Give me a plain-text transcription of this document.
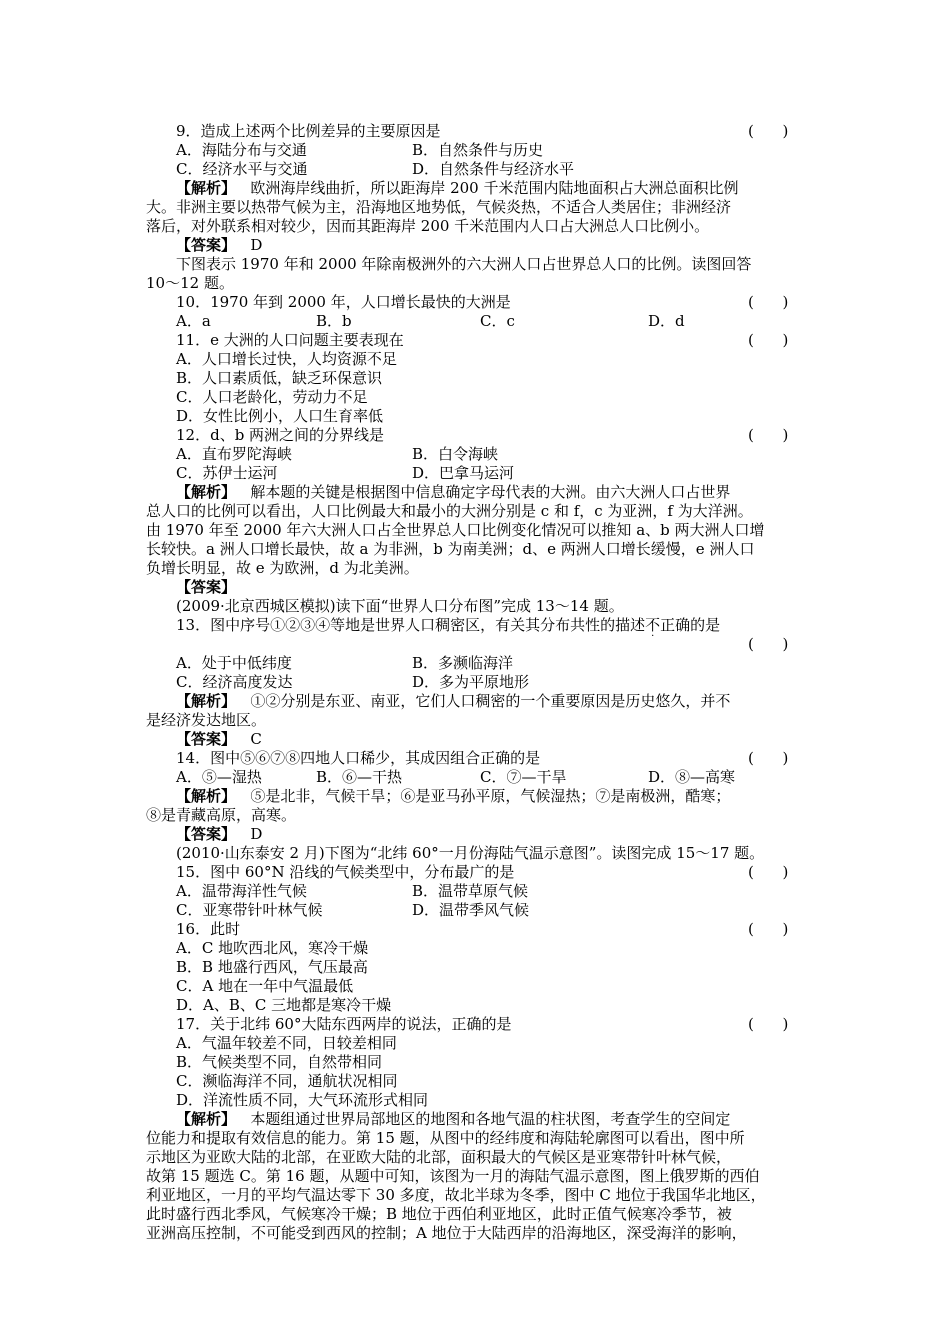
9．造成上述两个比例差异的主要原因是	(      )
A．海陆分布与交通	B．自然条件与历史
C．经济水平与交通	D．自然条件与经济水平
【解析】 欧洲海岸线曲折，所以距海岸 200 千米范围内陆地面积占大洲总面积比例
大。非洲主要以热带气候为主，沿海地区地势低，气候炎热，不适合人类居住；非洲经济
落后，对外联系相对较少，因而其距海岸 200 千米范围内人口占大洲总人口比例小。
【答案】 D
下图表示 1970 年和 2000 年除南极洲外的六大洲人口占世界总人口的比例。读图回答
10～12 题。
10．1970 年到 2000 年，人口增长最快的大洲是	(      )
A．a	B．b	C．c	D．d
11．e 大洲的人口问题主要表现在	(      )
A．人口增长过快，人均资源不足
B．人口素质低，缺乏环保意识
C．人口老龄化，劳动力不足
D．女性比例小，人口生育率低
12．d、b 两洲之间的分界线是	(      )
A．直布罗陀海峡	B．白令海峡
C．苏伊士运河	D．巴拿马运河
【解析】 解本题的关键是根据图中信息确定字母代表的大洲。由六大洲人口占世界
总人口的比例可以看出，人口比例最大和最小的大洲分别是 c 和 f，c 为亚洲，f 为大洋洲。
由 1970 年至 2000 年六大洲人口占全世界总人口比例变化情况可以推知 a、b 两大洲人口增
长较快。a 洲人口增长最快，故 a 为非洲，b 为南美洲；d、e 两洲人口增长缓慢，e 洲人口
负增长明显，故 e 为欧洲，d 为北美洲。
【答案】
(2009·北京西城区模拟)读下面“世界人口分布图”完成 13～14 题。
13．图中序号①②③④等地是世界人口稠密区，有关其分布共性的描述不
·
正确的是
(      )
A．处于中低纬度	B．多濒临海洋
C．经济高度发达	D．多为平原地形
【解析】 ①②分别是东亚、南亚，它们人口稠密的一个重要原因是历史悠久，并不
是经济发达地区。
【答案】 C
14．图中⑤⑥⑦⑧四地人口稀少，其成因组合正确的是	(      )
A．⑤—湿热	B．⑥—干热	C．⑦—干旱	D．⑧—高寒
【解析】 ⑤是北非，气候干旱；⑥是亚马孙平原，气候湿热；⑦是南极洲，酷寒；
⑧是青藏高原，高寒。
【答案】 D
(2010·山东泰安 2 月)下图为“北纬 60°一月份海陆气温示意图”。读图完成 15～17 题。
15．图中 60°N 沿线的气候类型中，分布最广的是	(      )
A．温带海洋性气候	B．温带草原气候
C．亚寒带针叶林气候	D．温带季风气候
16．此时	(      )
A．C 地吹西北风，寒冷干燥
B．B 地盛行西风，气压最高
C．A 地在一年中气温最低
D．A、B、C 三地都是寒冷干燥
17．关于北纬 60°大陆东西两岸的说法，正确的是	(      )
A．气温年较差不同，日较差相同
B．气候类型不同，自然带相同
C．濒临海洋不同，通航状况相同
D．洋流性质不同，大气环流形式相同
【解析】 本题组通过世界局部地区的地图和各地气温的柱状图，考查学生的空间定
位能力和提取有效信息的能力。第 15 题，从图中的经纬度和海陆轮廓图可以看出，图中所
示地区为亚欧大陆的北部，在亚欧大陆的北部，面积最大的气候区是亚寒带针叶林气候，
故第 15 题选 C。第 16 题，从题中可知，该图为一月的海陆气温示意图，图上俄罗斯的西伯
利亚地区，一月的平均气温达零下 30 多度，故北半球为冬季，图中 C 地位于我国华北地区，
此时盛行西北季风，气候寒冷干燥；B 地位于西伯利亚地区，此时正值气候寒冷季节，被
亚洲高压控制，不可能受到西风的控制；A 地位于大陆西岸的沿海地区，深受海洋的影响，
